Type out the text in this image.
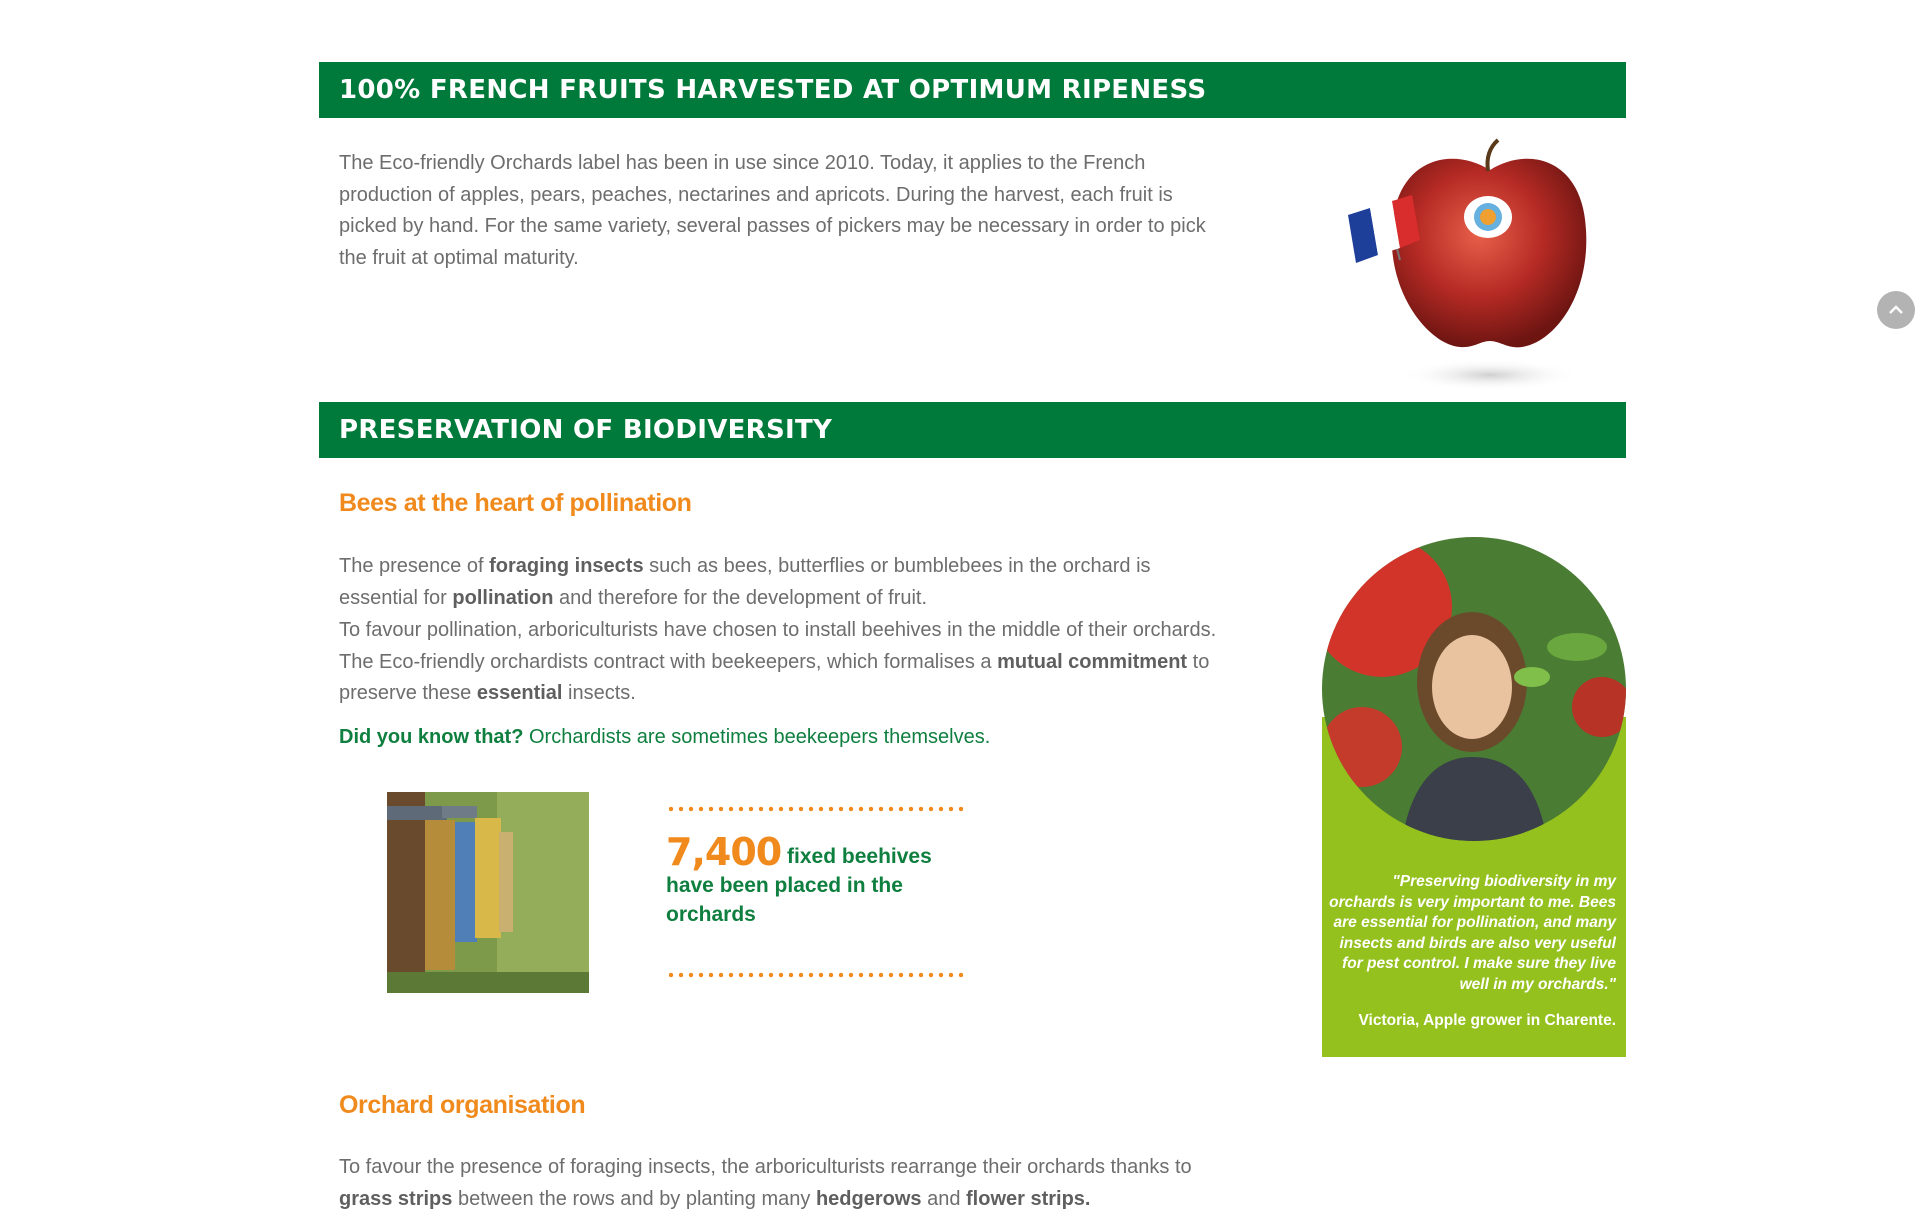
100% FRENCH FRUITS HARVESTED AT OPTIMUM RIPENESS

The Eco-friendly Orchards label has been in use since 2010. Today, it applies to the French production of apples, pears, peaches, nectarines and apricots. During the harvest, each fruit is picked by hand. For the same variety, several passes of pickers may be necessary in order to pick the fruit at optimal maturity.

PRESERVATION OF BIODIVERSITY
Bees at the heart of pollination

The presence of foraging insects such as bees, butterflies or bumblebees in the orchard is essential for pollination and therefore for the development of fruit.

To favour pollination, arboriculturists have chosen to install beehives in the middle of their orchards. The Eco-friendly orchardists contract with beekeepers, which formalises a mutual commitment to preserve these essential insects.

Did you know that? Orchardists are sometimes beekeepers themselves.

7,400 fixed beehives have been placed in the orchards
"Preserving biodiversity in my orchards is very important to me. Bees are essential for pollination, and many insects and birds are also very useful for pest control. I make sure they live well in my orchards."
Victoria, Apple grower in Charente.
Orchard organisation

To favour the presence of foraging insects, the arboriculturists rearrange their orchards thanks to grass strips between the rows and by planting many hedgerows and flower strips.
